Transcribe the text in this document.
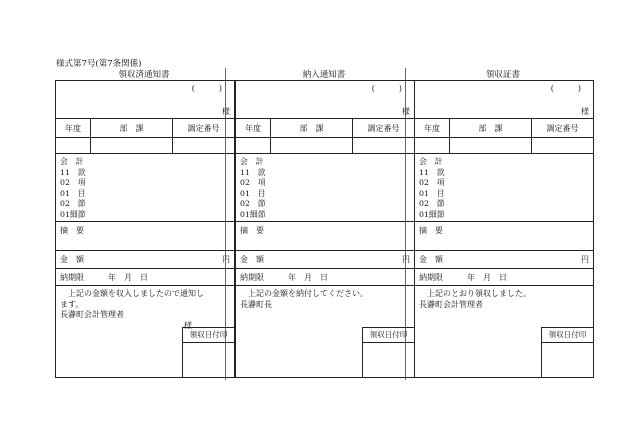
様式第7号(第7条関係)
領収済通知書
(　　　)
様
年度	部　課	調定番号
会　計
11　款
02　項
01　目
02　節
01細節
摘　要
金　額	円
納期限　　　年　月　日
上記の金額を収入しましたので通知し
ます。
長瀞町会計管理者
様
領収日付印
納入通知書
(　　　)
様
年度	部　課	調定番号
会　計
11　款
02　項
01　目
02　節
01細節
摘　要
金　額	円
納期限　　　年　月　日
上記の金額を納付してください。
長瀞町長
領収日付印
領収証書
(　　　)
様
年度	部　課	調定番号
会　計
11　款
02　項
01　目
02　節
01細節
摘　要
金　額	円
納期限　　　年　月　日
上記のとおり領収しました。
長瀞町会計管理者
領収日付印
